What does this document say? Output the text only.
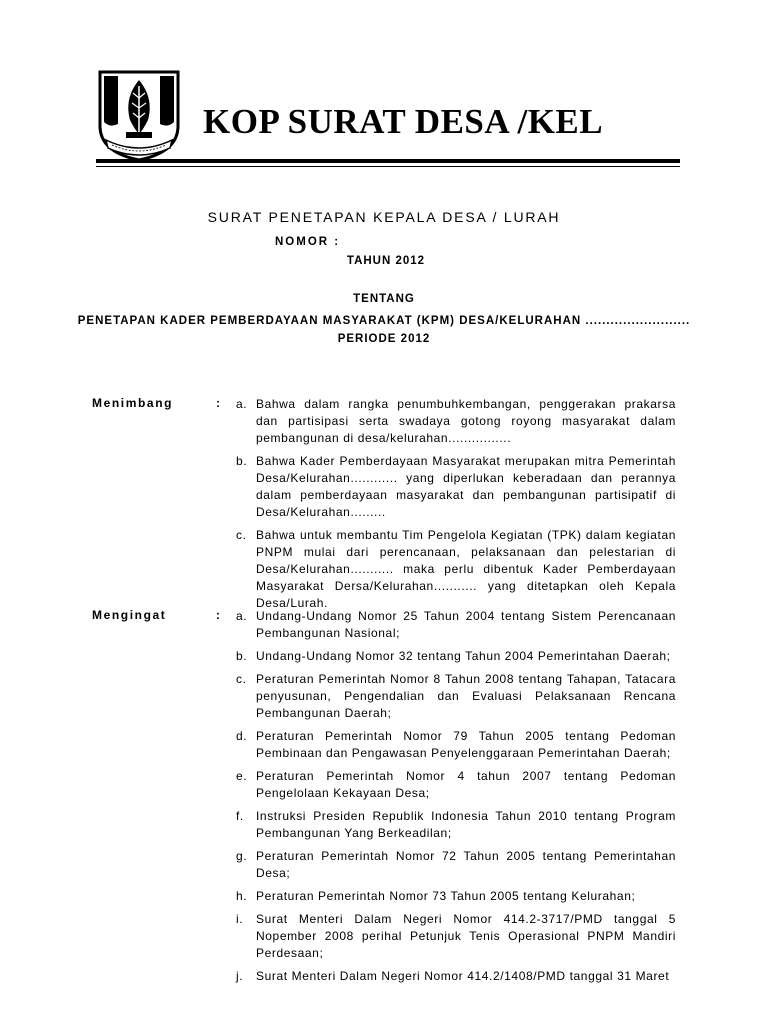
KOP SURAT DESA /KEL
SURAT PENETAPAN KEPALA DESA / LURAH
NOMOR :
TAHUN 2012
TENTANG
PENETAPAN KADER PEMBERDAYAAN MASYARAKAT (KPM) DESA/KELURAHAN .........................
PERIODE 2012
Menimbang	: a. Bahwa dalam rangka penumbuhkembangan, penggerakan prakarsa dan partisipasi serta swadaya gotong royong masyarakat dalam pembangunan di desa/kelurahan................
b. Bahwa Kader Pemberdayaan Masyarakat merupakan mitra Pemerintah Desa/Kelurahan............ yang diperlukan keberadaan dan perannya dalam pemberdayaan masyarakat dan pembangunan partisipatif di Desa/Kelurahan.........
c. Bahwa untuk membantu Tim Pengelola Kegiatan (TPK) dalam kegiatan PNPM mulai dari perencanaan, pelaksanaan dan pelestarian di Desa/Kelurahan........... maka perlu dibentuk Kader Pemberdayaan Masyarakat Dersa/Kelurahan........... yang ditetapkan oleh Kepala Desa/Lurah.
Mengingat	: a. Undang-Undang Nomor 25 Tahun 2004 tentang Sistem Perencanaan Pembangunan Nasional;
b. Undang-Undang Nomor 32 tentang Tahun 2004 Pemerintahan Daerah;
c. Peraturan Pemerintah Nomor 8 Tahun 2008 tentang Tahapan, Tatacara penyusunan, Pengendalian dan Evaluasi Pelaksanaan Rencana Pembangunan Daerah;
d. Peraturan Pemerintah Nomor 79 Tahun 2005 tentang Pedoman Pembinaan dan Pengawasan Penyelenggaraan Pemerintahan Daerah;
e. Peraturan Pemerintah Nomor 4 tahun 2007 tentang Pedoman Pengelolaan Kekayaan Desa;
f. Instruksi Presiden Republik Indonesia Tahun 2010 tentang Program Pembangunan Yang Berkeadilan;
g. Peraturan Pemerintah Nomor 72 Tahun 2005 tentang Pemerintahan Desa;
h. Peraturan Pemerintah Nomor 73 Tahun 2005 tentang Kelurahan;
i. Surat Menteri Dalam Negeri Nomor 414.2-3717/PMD tanggal 5 Nopember 2008 perihal Petunjuk Tenis Operasional PNPM Mandiri Perdesaan;
j. Surat Menteri Dalam Negeri Nomor 414.2/1408/PMD tanggal 31 Maret
